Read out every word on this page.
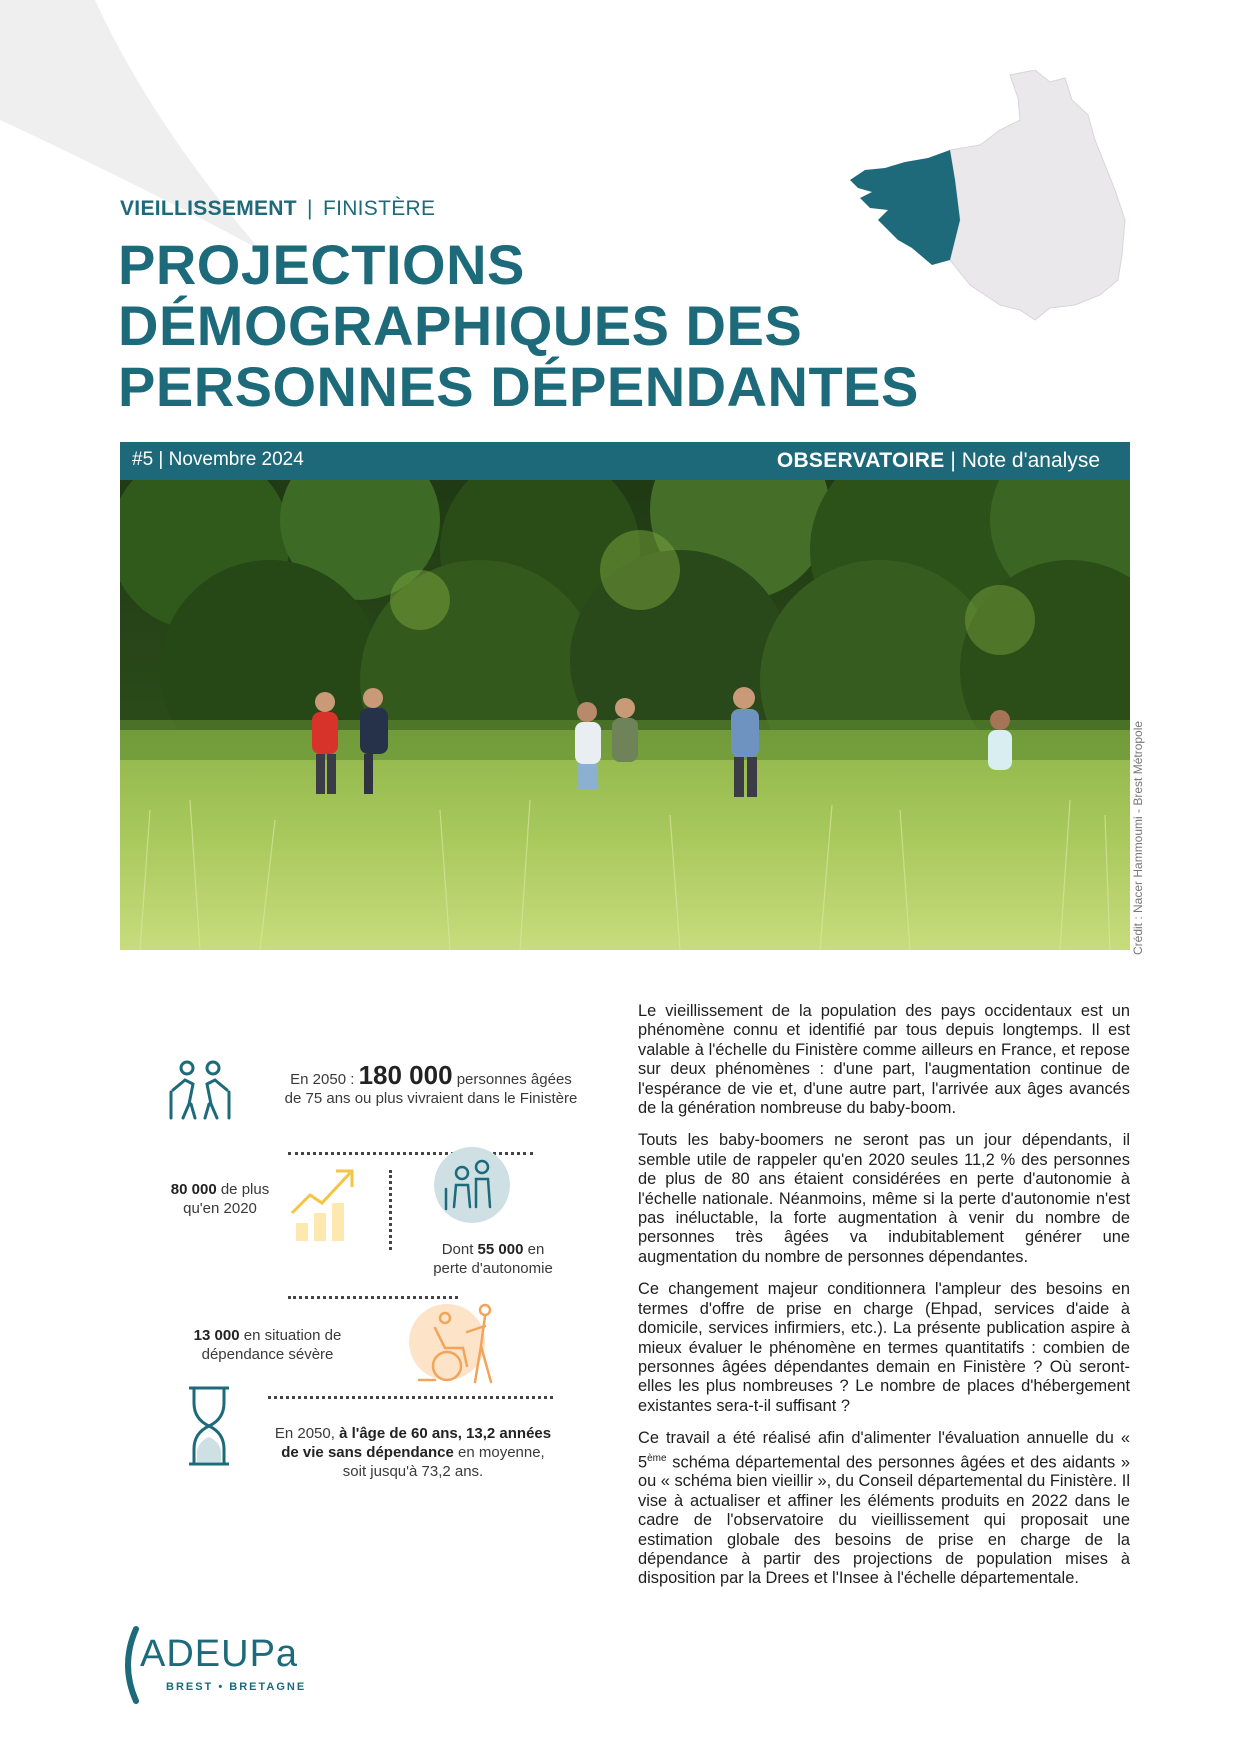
VIEILLISSEMENT | FINISTÈRE
PROJECTIONS
DÉMOGRAPHIQUES DES
PERSONNES DÉPENDANTES
#5 | Novembre 2024	OBSERVATOIRE | Note d'analyse
Crédit : Nacer Hammoumi - Brest Métropole
En 2050 : 180 000 personnes âgées
de 75 ans ou plus vivraient dans le Finistère
80 000 de plus
qu'en 2020
Dont 55 000 en
perte d'autonomie
13 000 en situation de
dépendance sévère
En 2050, à l'âge de 60 ans, 13,2 années
de vie sans dépendance en moyenne,
soit jusqu'à 73,2 ans.

Le vieillissement de la population des pays occidentaux est un phénomène connu et identifié par tous depuis longtemps. Il est valable à l'échelle du Finistère comme ailleurs en France, et repose sur deux phénomènes : d'une part, l'augmentation continue de l'espérance de vie et, d'une autre part, l'arrivée aux âges avancés de la génération nombreuse du baby-boom.

Touts les baby-boomers ne seront pas un jour dépendants, il semble utile de rappeler qu'en 2020 seules 11,2 % des personnes de plus de 80 ans étaient considérées en perte d'autonomie à l'échelle nationale. Néanmoins, même si la perte d'autonomie n'est pas inéluctable, la forte augmentation à venir du nombre de personnes très âgées va indubitablement générer une augmentation du nombre de personnes dépendantes.

Ce changement majeur conditionnera l'ampleur des besoins en termes d'offre de prise en charge (Ehpad, services d'aide à domicile, services infirmiers, etc.). La présente publication aspire à mieux évaluer le phénomène en termes quantitatifs : combien de personnes âgées dépendantes demain en Finistère ? Où seront-elles les plus nombreuses ? Le nombre de places d'hébergement existantes sera-t-il suffisant ?

Ce travail a été réalisé afin d'alimenter l'évaluation annuelle du « 5ème schéma départemental des personnes âgées et des aidants » ou « schéma bien vieillir », du Conseil départemental du Finistère. Il vise à actualiser et affiner les éléments produits en 2022 dans le cadre de l'observatoire du vieillissement qui proposait une estimation globale des besoins de prise en charge de la dépendance à partir des projections de population mises à disposition par la Drees et l'Insee à l'échelle départementale.

ADEUPa
BREST • BRETAGNE
